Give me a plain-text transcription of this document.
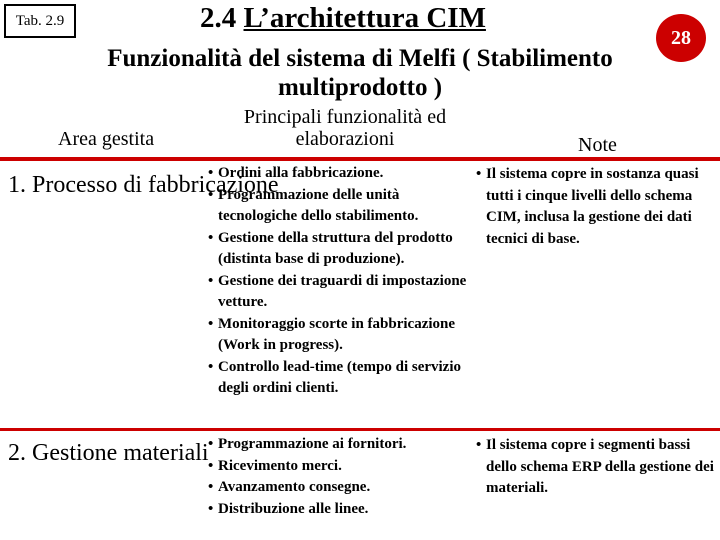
Tab. 2.9	2.4 L’architettura CIM
28
Funzionalità del sistema di Melfi ( Stabilimento multiprodotto )
Area gestita
Principali funzionalità ed elaborazioni	Note
1. Processo di fabbricazione
• Ordini alla fabbricazione.
• Programmazione delle unità tecnologiche dello stabilimento.
• Gestione della struttura del prodotto (distinta base di produzione).
• Gestione dei traguardi di impostazione vetture.
• Monitoraggio scorte in fabbricazione (Work in progress).
• Controllo lead-time (tempo di servizio degli ordini clienti.
• Il sistema copre in sostanza quasi tutti i cinque livelli dello schema CIM, inclusa la gestione dei dati tecnici di base.
2. Gestione materiali
• Programmazione ai fornitori.
• Ricevimento merci.
• Avanzamento consegne.
• Distribuzione alle linee.
• Il sistema copre i segmenti bassi dello schema ERP della gestione dei materiali.
